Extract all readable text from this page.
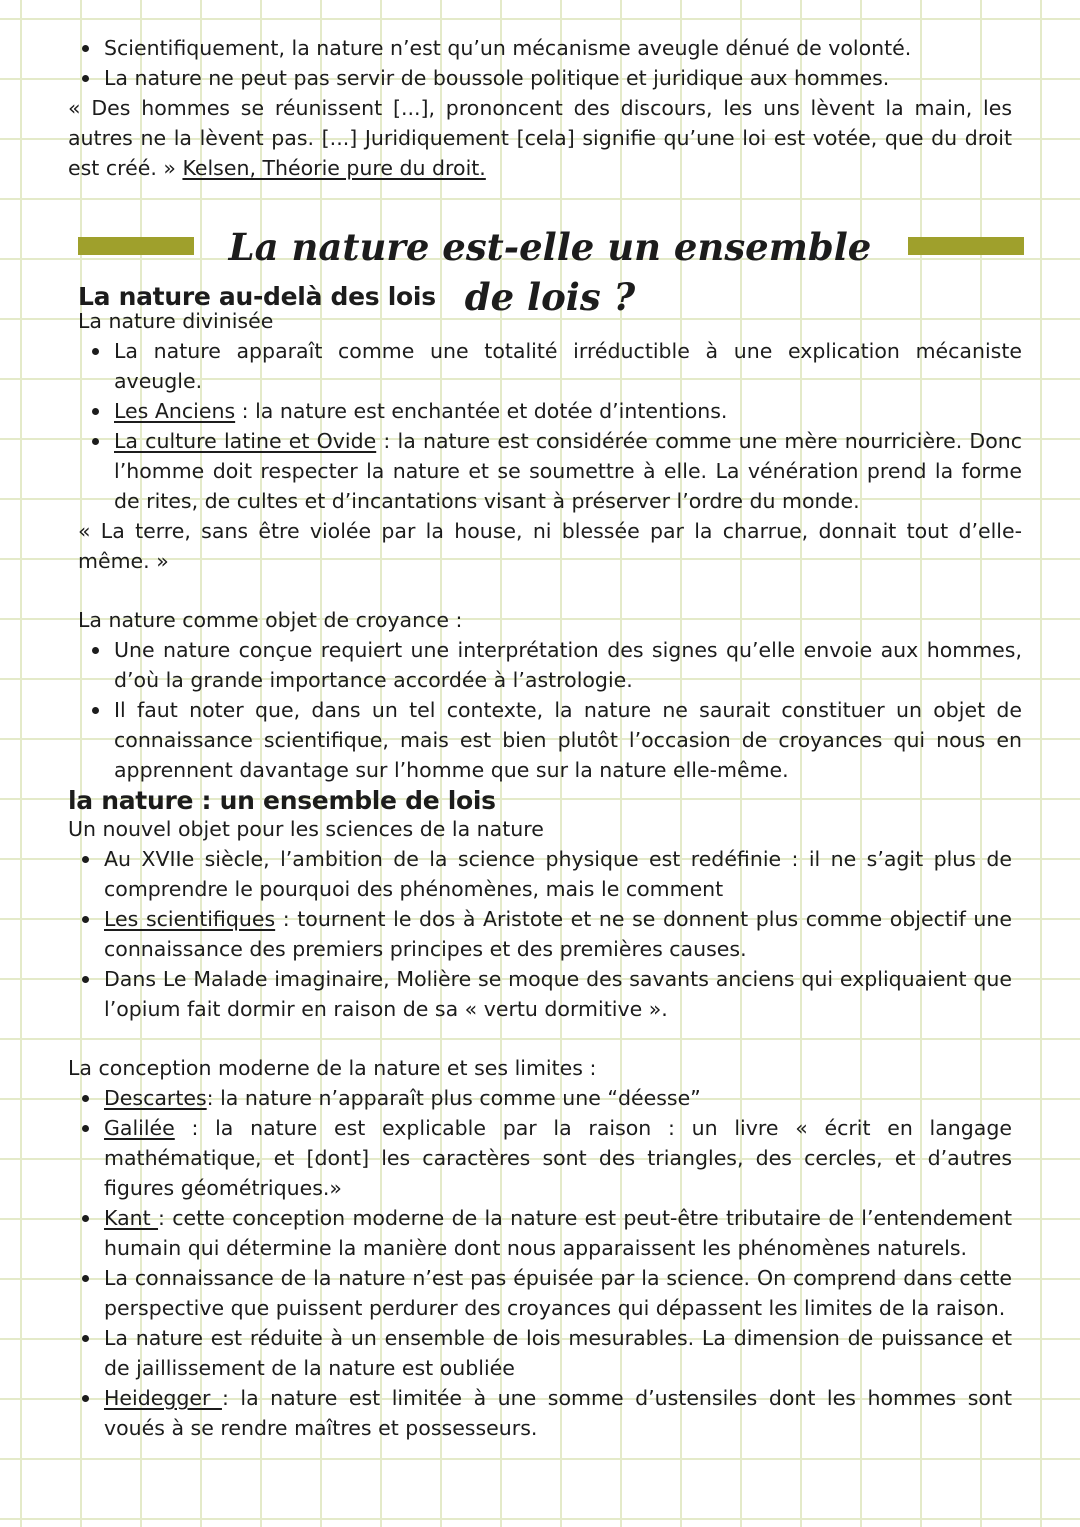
Scientifiquement, la nature n’est qu’un mécanisme aveugle dénué de volonté.
La nature ne peut pas servir de boussole politique et juridique aux hommes.

« Des hommes se réunissent [...], prononcent des discours, les uns lèvent la main, les autres ne la lèvent pas. [...] Juridiquement [cela] signifie qu’une loi est votée, que du droit est créé. » Kelsen, Théorie pure du droit.

La nature est-elle un ensemble de lois ?
La nature au-delà des lois

La nature divinisée

La nature apparaît comme une totalité irréductible à une explication mécaniste aveugle.
Les Anciens : la nature est enchantée et dotée d’intentions.
La culture latine et Ovide : la nature est considérée comme une mère nourricière. Donc l’homme doit respecter la nature et se soumettre à elle. La vénération prend la forme de rites, de cultes et d’incantations visant à préserver l’ordre du monde.

« La terre, sans être violée par la house, ni blessée par la charrue, donnait tout d’elle-même. »

La nature comme objet de croyance :

Une nature conçue requiert une interprétation des signes qu’elle envoie aux hommes, d’où la grande importance accordée à l’astrologie.
Il faut noter que, dans un tel contexte, la nature ne saurait constituer un objet de connaissance scientifique, mais est bien plutôt l’occasion de croyances qui nous en apprennent davantage sur l’homme que sur la nature elle-même.
la nature : un ensemble de lois

Un nouvel objet pour les sciences de la nature

Au XVIIe siècle, l’ambition de la science physique est redéfinie : il ne s’agit plus de comprendre le pourquoi des phénomènes, mais le comment
Les scientifiques : tournent le dos à Aristote et ne se donnent plus comme objectif une connaissance des premiers principes et des premières causes.
Dans Le Malade imaginaire, Molière se moque des savants anciens qui expliquaient que l’opium fait dormir en raison de sa « vertu dormitive ».

La conception moderne de la nature et ses limites :

Descartes: la nature n’apparaît plus comme une “déesse”
Galilée : la nature est explicable par la raison : un livre « écrit en langage mathématique, et [dont] les caractères sont des triangles, des cercles, et d’autres figures géométriques.»
Kant : cette conception moderne de la nature est peut-être tributaire de l’entendement humain qui détermine la manière dont nous apparaissent les phénomènes naturels.
La connaissance de la nature n’est pas épuisée par la science. On comprend dans cette perspective que puissent perdurer des croyances qui dépassent les limites de la raison.
La nature est réduite à un ensemble de lois mesurables. La dimension de puissance et de jaillissement de la nature est oubliée
Heidegger : la nature est limitée à une somme d’ustensiles dont les hommes sont voués à se rendre maîtres et possesseurs.
